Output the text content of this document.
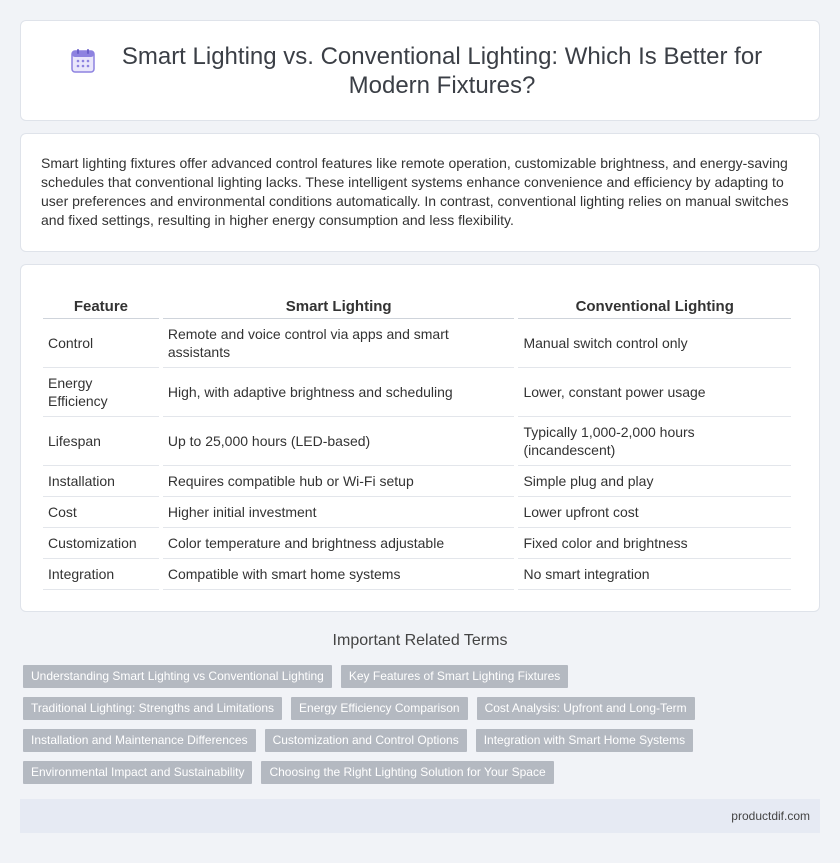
Smart Lighting vs. Conventional Lighting: Which Is Better for Modern Fixtures?

Smart lighting fixtures offer advanced control features like remote operation, customizable brightness, and energy-saving schedules that conventional lighting lacks. These intelligent systems enhance convenience and efficiency by adapting to user preferences and environmental conditions automatically. In contrast, conventional lighting relies on manual switches and fixed settings, resulting in higher energy consumption and less flexibility.

Feature	Smart Lighting	Conventional Lighting
Control	Remote and voice control via apps and smart assistants	Manual switch control only
Energy Efficiency	High, with adaptive brightness and scheduling	Lower, constant power usage
Lifespan	Up to 25,000 hours (LED-based)	Typically 1,000-2,000 hours (incandescent)
Installation	Requires compatible hub or Wi-Fi setup	Simple plug and play
Cost	Higher initial investment	Lower upfront cost
Customization	Color temperature and brightness adjustable	Fixed color and brightness
Integration	Compatible with smart home systems	No smart integration
Important Related Terms
Understanding Smart Lighting vs Conventional Lighting	Key Features of Smart Lighting Fixtures
Traditional Lighting: Strengths and Limitations	Energy Efficiency Comparison	Cost Analysis: Upfront and Long-Term
Installation and Maintenance Differences	Customization and Control Options	Integration with Smart Home Systems
Environmental Impact and Sustainability	Choosing the Right Lighting Solution for Your Space
productdif.com
